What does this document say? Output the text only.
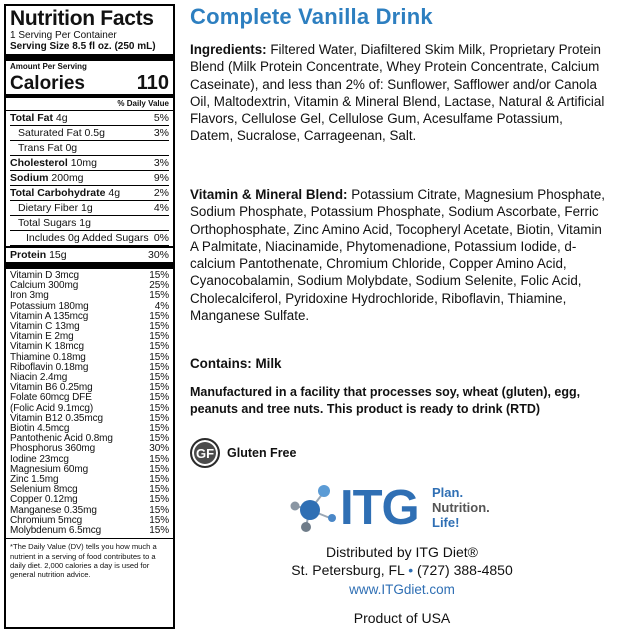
Nutrition Facts
1 Serving Per Container
Serving Size 8.5 fl oz. (250 mL)
Amount Per Serving
Calories	110
% Daily Value
Total Fat 4g	5%
Saturated Fat 0.5g	3%
Trans Fat 0g
Cholesterol 10mg	3%
Sodium 200mg	9%
Total Carbohydrate 4g	2%
Dietary Fiber 1g	4%
Total Sugars 1g
Includes 0g Added Sugars 0%
Protein 15g	30%
Vitamin D 3mcg	15%
Calcium 300mg	25%
Iron 3mg	15%
Potassium 180mg	4%
Vitamin A 135mcg	15%
Vitamin C 13mg	15%
Vitamin E 2mg	15%
Vitamin K 18mcg	15%
Thiamine 0.18mg	15%
Riboflavin 0.18mg	15%
Niacin 2.4mg	15%
Vitamin B6 0.25mg	15%
Folate 60mcg DFE	15%
(Folic Acid 9.1mcg)	15%
Vitamin B12 0.35mcg	15%
Biotin 4.5mcg	15%
Pantothenic Acid 0.8mg	15%
Phosphorus 360mg	30%
Iodine 23mcg	15%
Magnesium 60mg	15%
Zinc 1.5mg	15%
Selenium 8mcg	15%
Copper 0.12mg	15%
Manganese 0.35mg	15%
Chromium 5mcg	15%
Molybdenum 6.5mcg	15%
*The Daily Value (DV) tells you how much a nutrient in a serving of food contributes to a daily diet. 2,000 calories a day is used for general nutrition advice.
Complete Vanilla Drink
Ingredients: Filtered Water, Diafiltered Skim Milk, Proprietary Protein Blend (Milk Protein Concentrate, Whey Protein Concentrate, Calcium Caseinate), and less than 2% of: Sunflower, Safflower and/or Canola Oil, Maltodextrin, Vitamin & Mineral Blend, Lactase, Natural & Artificial Flavors, Cellulose Gel, Cellulose Gum, Acesulfame Potassium, Datem, Sucralose, Carrageenan, Salt.
Vitamin & Mineral Blend: Potassium Citrate, Magnesium Phosphate, Sodium Phosphate, Potassium Phosphate, Sodium Ascorbate, Ferric Orthophosphate, Zinc Amino Acid, Tocopheryl Acetate, Biotin, Vitamin A Palmitate, Niacinamide, Phytomenadione, Potassium Iodide, d-calcium Pantothenate, Chromium Chloride, Copper Amino Acid, Cyanocobalamin, Sodium Molybdate, Sodium Selenite, Folic Acid, Cholecalciferol, Pyridoxine Hydrochloride, Riboflavin, Thiamine, Manganese Sulfate.
Contains: Milk
Manufactured in a facility that processes soy, wheat (gluten), egg, peanuts and tree nuts. This product is ready to drink (RTD)
GF	Gluten Free
ITG Plan.
Nutrition.
Life!
Distributed by ITG Diet®
St. Petersburg, FL • (727) 388-4850
www.ITGdiet.com
Product of USA
